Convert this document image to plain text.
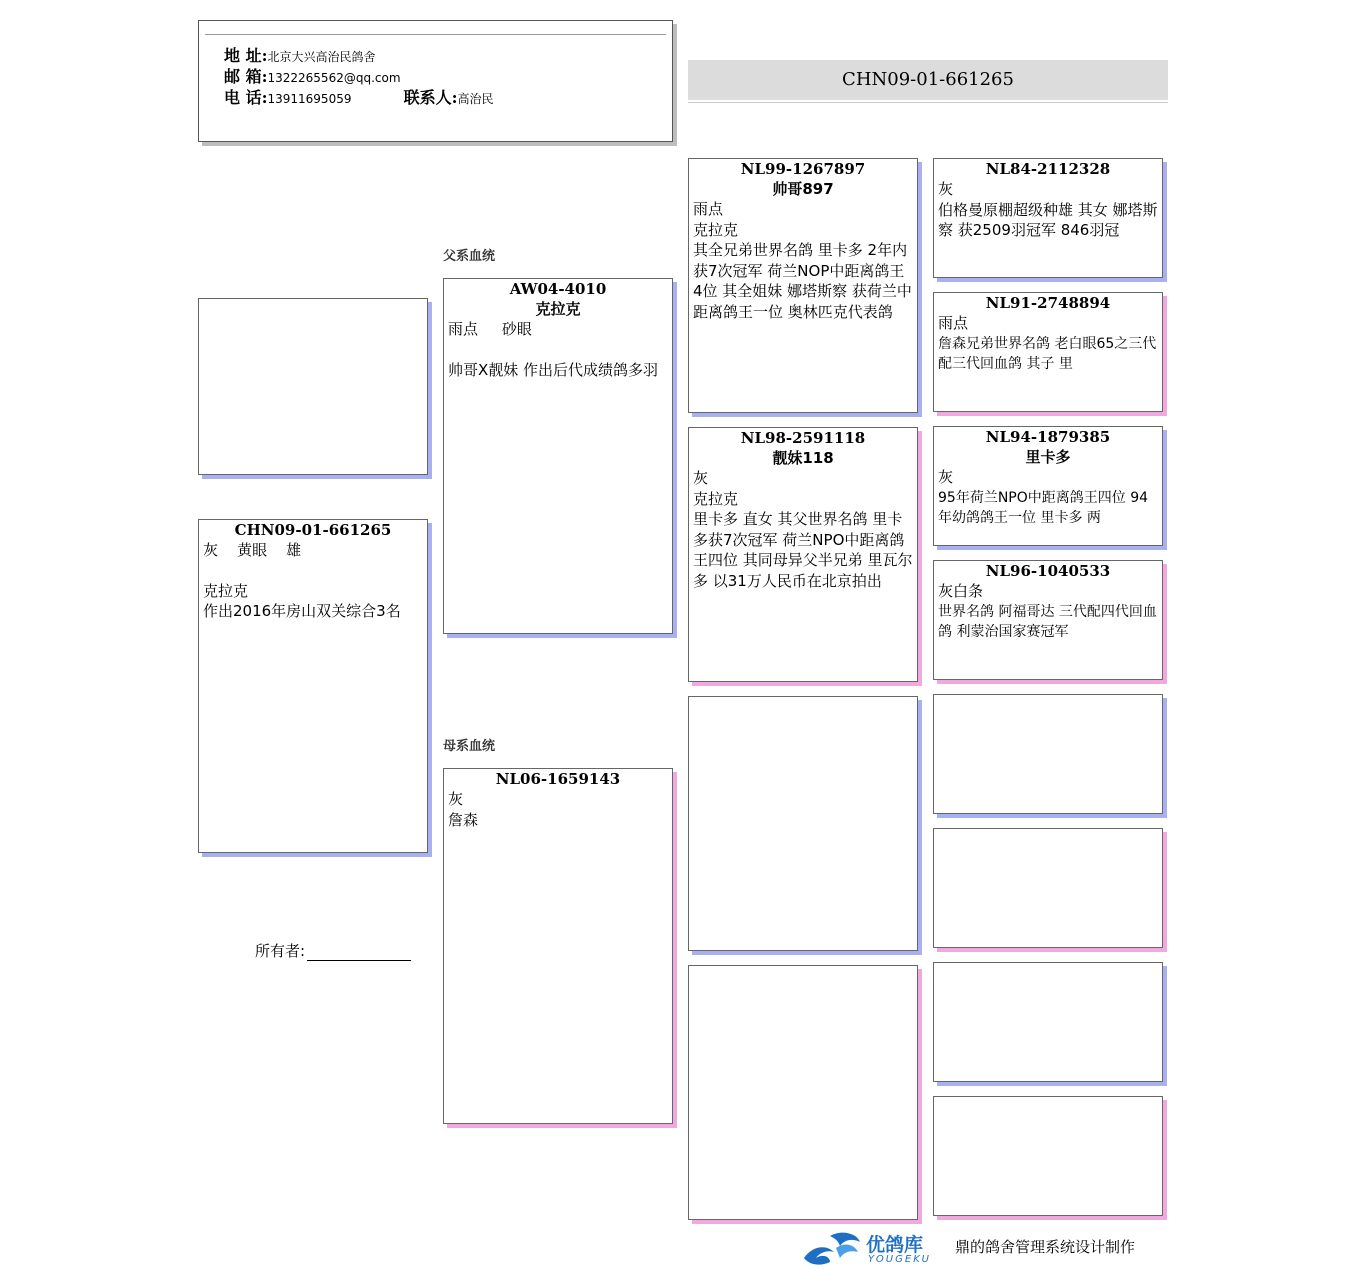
地 址:北京大兴高治民鸽舍
邮 箱:1322265562@qq.com
电 话:13911695059	联系人:高治民
CHN09-01-661265
CHN09-01-661265
灰    黄眼    雄
克拉克
作出2016年房山双关综合3名
所有者:
父系血统
母系血统
AW04-4010
克拉克
雨点     砂眼
帅哥X靓妹 作出后代成绩鸽多羽
NL06-1659143
灰
詹森
NL99-1267897
帅哥897
雨点
克拉克
其全兄弟世界名鸽 里卡多 2年内获7次冠军 荷兰NOP中距离鸽王4位 其全姐妹 娜塔斯察 获荷兰中距离鸽王一位 奥林匹克代表鸽
NL98-2591118
靓妹118
灰
克拉克
里卡多 直女 其父世界名鸽 里卡多获7次冠军 荷兰NPO中距离鸽王四位 其同母异父半兄弟 里瓦尔多 以31万人民币在北京拍出
NL84-2112328
灰
伯格曼原棚超级种雄 其女 娜塔斯察 获2509羽冠军 846羽冠
NL91-2748894
雨点
詹森兄弟世界名鸽 老白眼65之三代配三代回血鸽 其子 里
NL94-1879385
里卡多
灰
95年荷兰NPO中距离鸽王四位 94年幼鸽鸽王一位 里卡多 两
NL96-1040533
灰白条
世界名鸽 阿福哥达 三代配四代回血鸽 利蒙治国家赛冠军
优鸽库
YOUGEKU
鼎的鸽舍管理系统设计制作
